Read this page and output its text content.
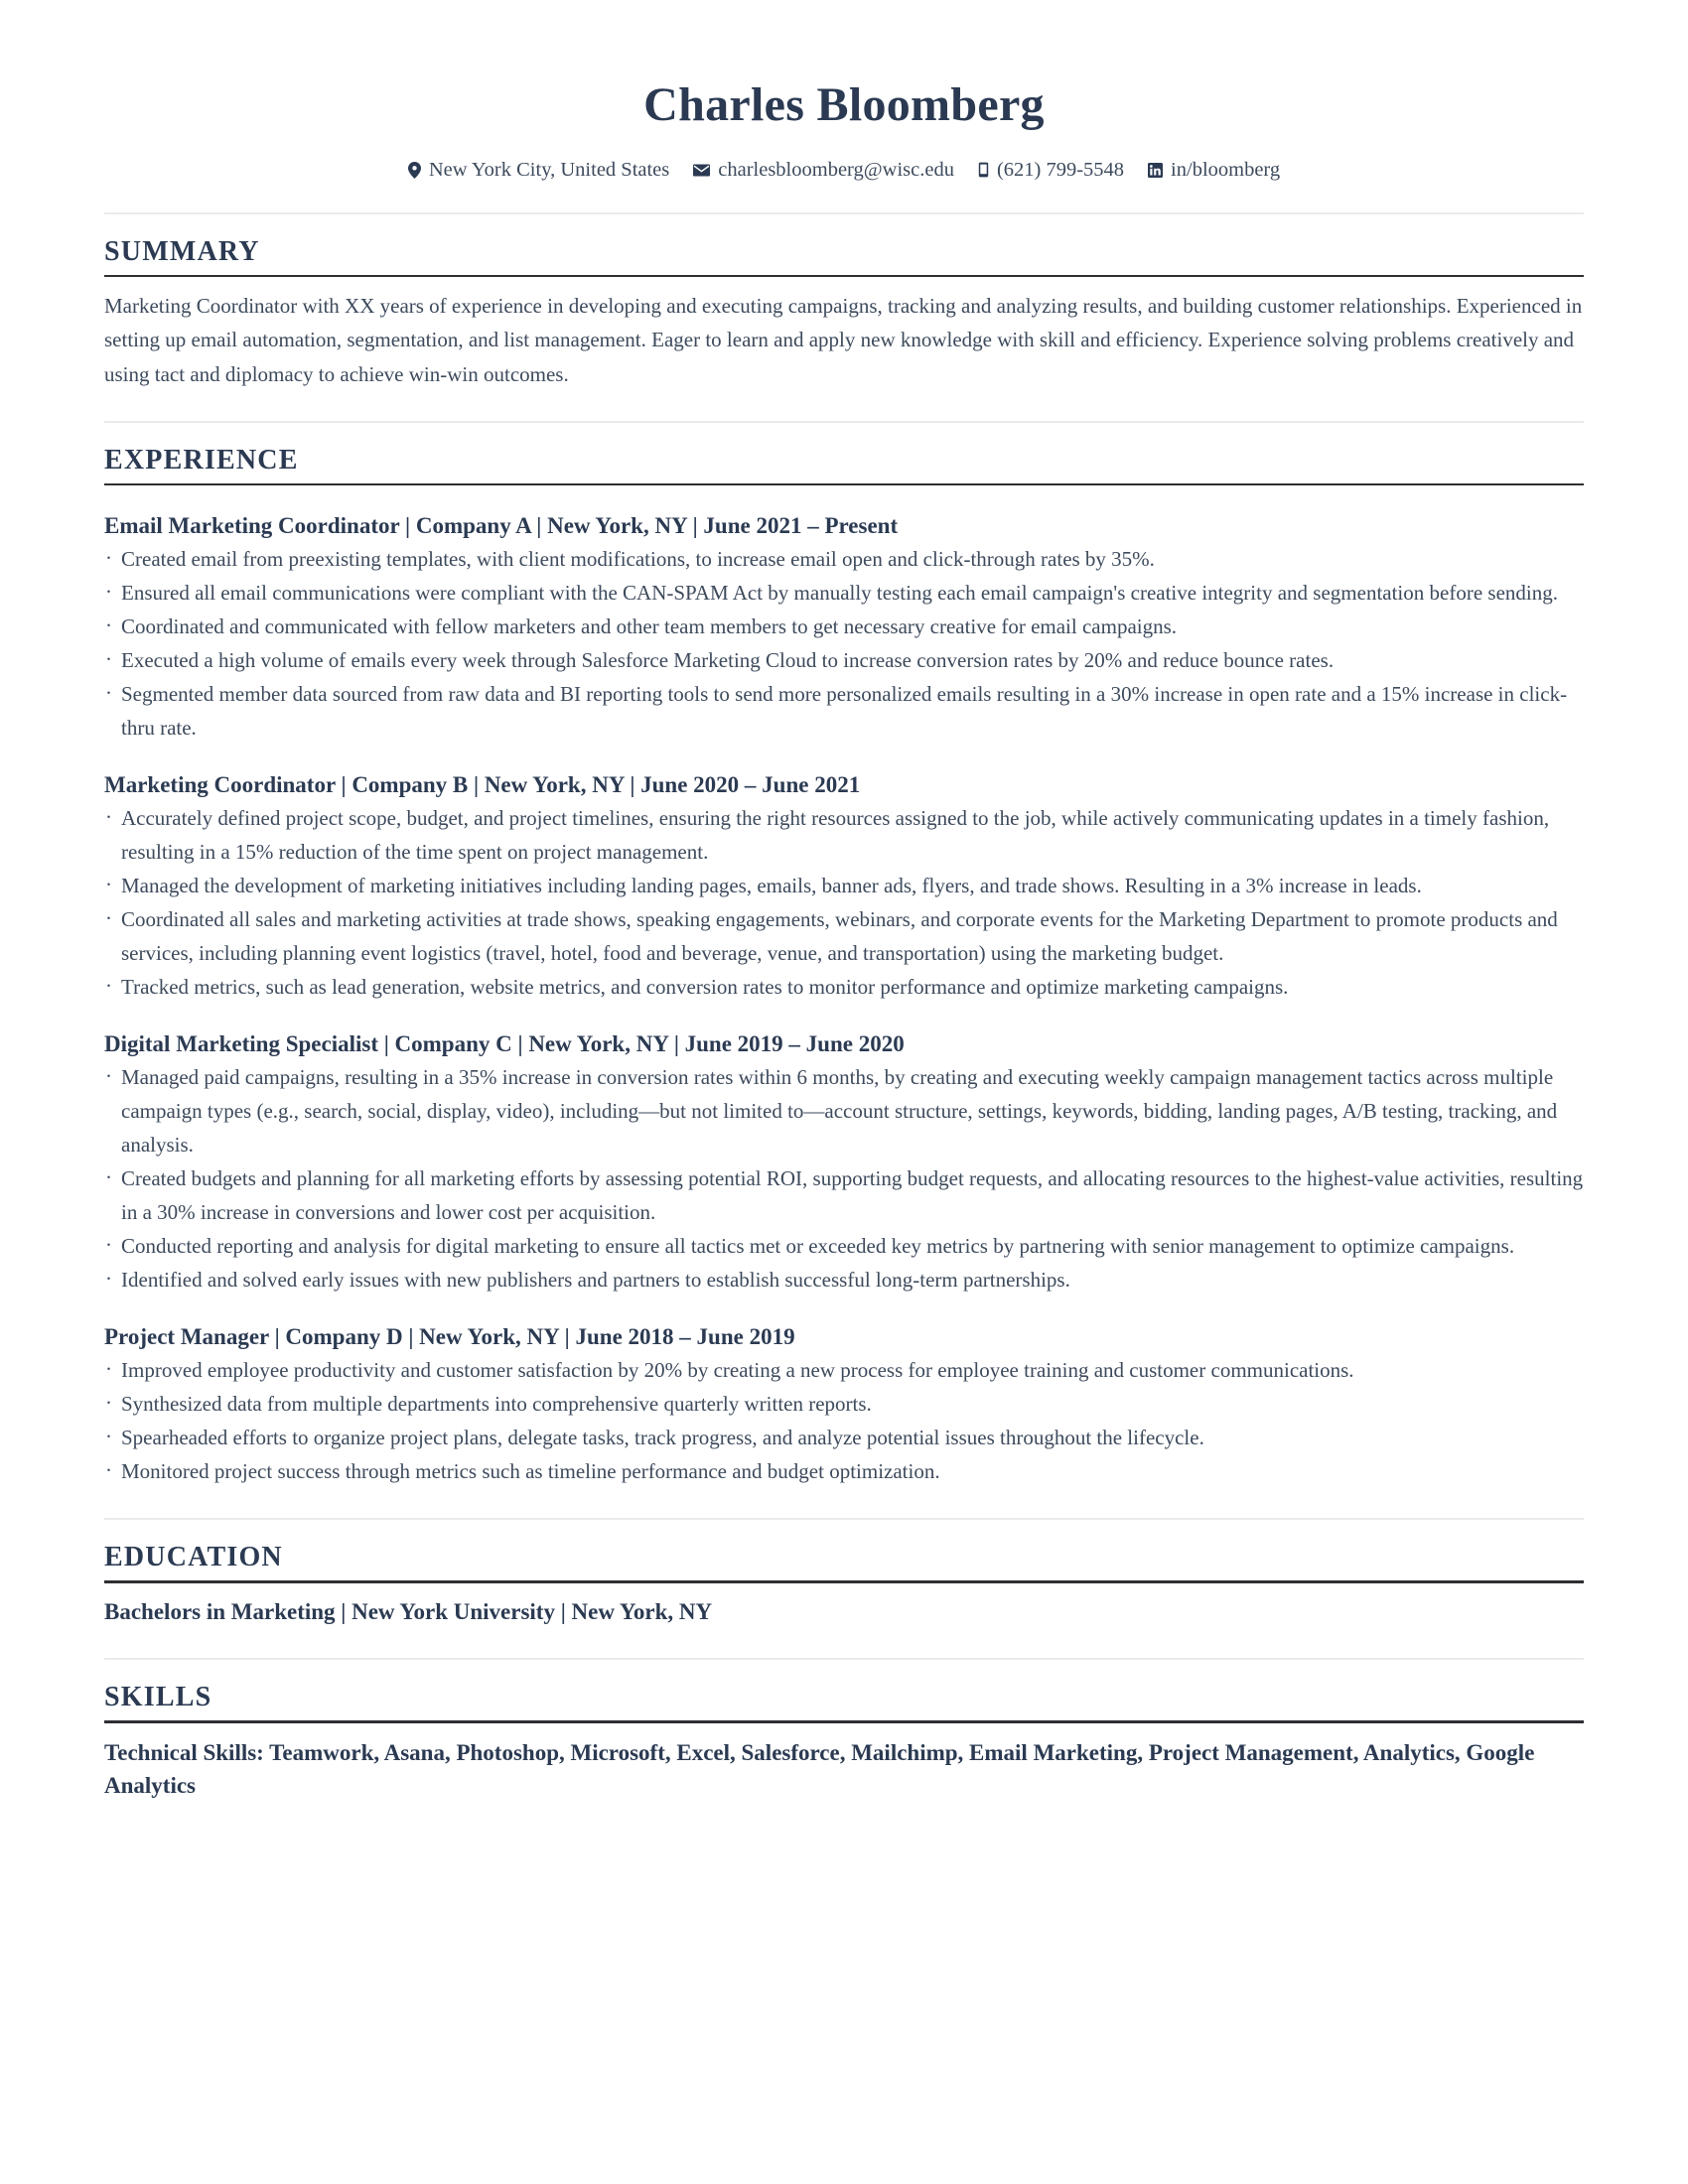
Charles Bloomberg
New York City, United States charlesbloomberg@wisc.edu (621) 799-5548 in/bloomberg
SUMMARY

Marketing Coordinator with XX years of experience in developing and executing campaigns, tracking and analyzing results, and building customer relationships. Experienced in setting up email automation, segmentation, and list management. Eager to learn and apply new knowledge with skill and efficiency. Experience solving problems creatively and using tact and diplomacy to achieve win-win outcomes.

EXPERIENCE
Email Marketing Coordinator | Company A | New York, NY | June 2021 – Present
· Created email from preexisting templates, with client modifications, to increase email open and click-through rates by 35%.
· Ensured all email communications were compliant with the CAN-SPAM Act by manually testing each email campaign's creative integrity and segmentation before sending.
· Coordinated and communicated with fellow marketers and other team members to get necessary creative for email campaigns.
· Executed a high volume of emails every week through Salesforce Marketing Cloud to increase conversion rates by 20% and reduce bounce rates.
· Segmented member data sourced from raw data and BI reporting tools to send more personalized emails resulting in a 30% increase in open rate and a 15% increase in click-thru rate.
Marketing Coordinator | Company B | New York, NY | June 2020 – June 2021
· Accurately defined project scope, budget, and project timelines, ensuring the right resources assigned to the job, while actively communicating updates in a timely fashion, resulting in a 15% reduction of the time spent on project management.
· Managed the development of marketing initiatives including landing pages, emails, banner ads, flyers, and trade shows. Resulting in a 3% increase in leads.
· Coordinated all sales and marketing activities at trade shows, speaking engagements, webinars, and corporate events for the Marketing Department to promote products and services, including planning event logistics (travel, hotel, food and beverage, venue, and transportation) using the marketing budget.
· Tracked metrics, such as lead generation, website metrics, and conversion rates to monitor performance and optimize marketing campaigns.
Digital Marketing Specialist | Company C | New York, NY | June 2019 – June 2020
· Managed paid campaigns, resulting in a 35% increase in conversion rates within 6 months, by creating and executing weekly campaign management tactics across multiple campaign types (e.g., search, social, display, video), including—but not limited to—account structure, settings, keywords, bidding, landing pages, A/B testing, tracking, and analysis.
· Created budgets and planning for all marketing efforts by assessing potential ROI, supporting budget requests, and allocating resources to the highest-value activities, resulting in a 30% increase in conversions and lower cost per acquisition.
· Conducted reporting and analysis for digital marketing to ensure all tactics met or exceeded key metrics by partnering with senior management to optimize campaigns.
· Identified and solved early issues with new publishers and partners to establish successful long-term partnerships.
Project Manager | Company D | New York, NY | June 2018 – June 2019
· Improved employee productivity and customer satisfaction by 20% by creating a new process for employee training and customer communications.
· Synthesized data from multiple departments into comprehensive quarterly written reports.
· Spearheaded efforts to organize project plans, delegate tasks, track progress, and analyze potential issues throughout the lifecycle.
· Monitored project success through metrics such as timeline performance and budget optimization.
EDUCATION
Bachelors in Marketing | New York University | New York, NY
SKILLS
Technical Skills: Teamwork, Asana, Photoshop, Microsoft, Excel, Salesforce, Mailchimp, Email Marketing, Project Management, Analytics, Google Analytics
